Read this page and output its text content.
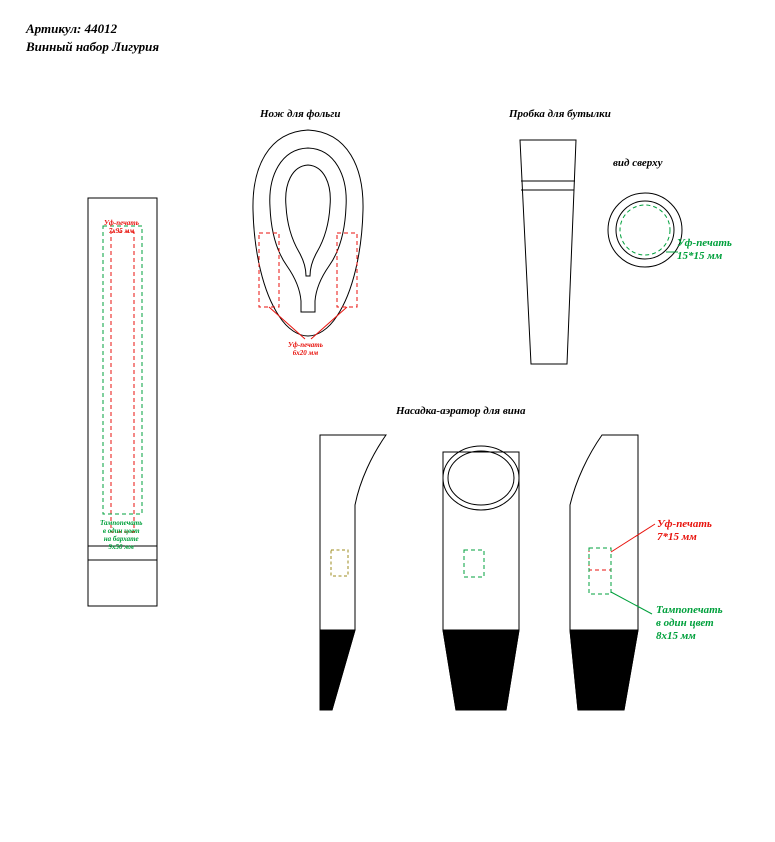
Артикул: 44012
Винный набор Лигурия
Нож для фольги	Пробка для бутылки
вид сверху
Насадка-аэратор для вина
Уф-печать
7х95 мм
Тампопечать
в один цвет
на бархате
9х50 мм
Уф-печать
6х20 мм
Уф-печать
15*15 мм
Уф-печать
7*15 мм
Тампопечать
в один цвет
8х15 мм
